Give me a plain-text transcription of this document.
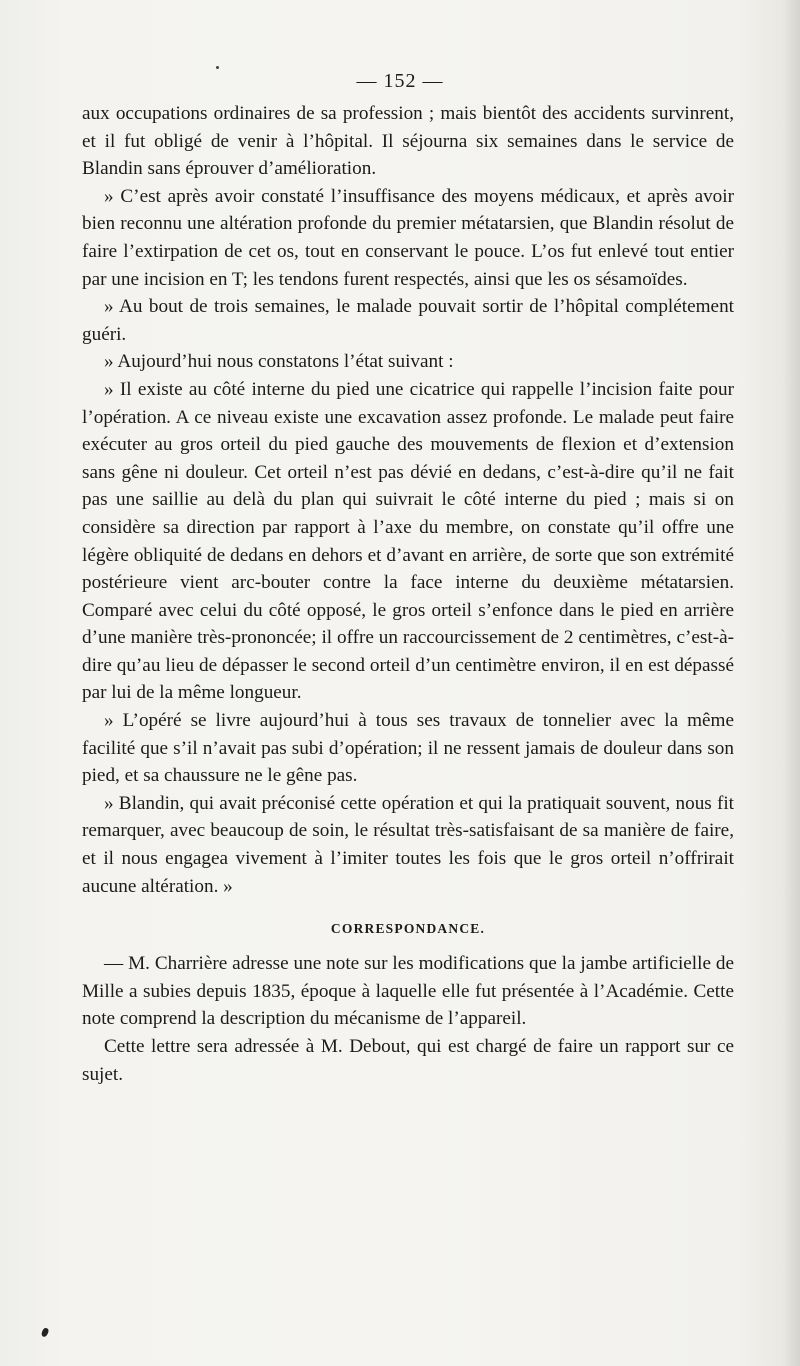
— 152 —

aux occupations ordinaires de sa profession ; mais bientôt des accidents survinrent, et il fut obligé de venir à l’hôpital. Il séjourna six semaines dans le service de Blandin sans éprouver d’amélioration.

» C’est après avoir constaté l’insuffisance des moyens médicaux, et après avoir bien reconnu une altération profonde du premier métatarsien, que Blandin résolut de faire l’extirpation de cet os, tout en conservant le pouce. L’os fut enlevé tout entier par une incision en T; les tendons furent respectés, ainsi que les os sésamoïdes.

» Au bout de trois semaines, le malade pouvait sortir de l’hôpital complétement guéri.

» Aujourd’hui nous constatons l’état suivant :

» Il existe au côté interne du pied une cicatrice qui rappelle l’incision faite pour l’opération. A ce niveau existe une excavation assez profonde. Le malade peut faire exécuter au gros orteil du pied gauche des mouvements de flexion et d’extension sans gêne ni douleur. Cet orteil n’est pas dévié en dedans, c’est-à-dire qu’il ne fait pas une saillie au delà du plan qui suivrait le côté interne du pied ; mais si on considère sa direction par rapport à l’axe du membre, on constate qu’il offre une légère obliquité de dedans en dehors et d’avant en arrière, de sorte que son extrémité postérieure vient arc-bouter contre la face interne du deuxième métatarsien. Comparé avec celui du côté opposé, le gros orteil s’enfonce dans le pied en arrière d’une manière très-prononcée; il offre un raccourcissement de 2 centimètres, c’est-à-dire qu’au lieu de dépasser le second orteil d’un centimètre environ, il en est dépassé par lui de la même longueur.

» L’opéré se livre aujourd’hui à tous ses travaux de tonnelier avec la même facilité que s’il n’avait pas subi d’opération; il ne ressent jamais de douleur dans son pied, et sa chaussure ne le gêne pas.

» Blandin, qui avait préconisé cette opération et qui la pratiquait souvent, nous fit remarquer, avec beaucoup de soin, le résultat très-satisfaisant de sa manière de faire, et il nous engagea vivement à l’imiter toutes les fois que le gros orteil n’offrirait aucune altération. »

CORRESPONDANCE.

— M. Charrière adresse une note sur les modifications que la jambe artificielle de Mille a subies depuis 1835, époque à laquelle elle fut présentée à l’Académie. Cette note comprend la description du mécanisme de l’appareil.

Cette lettre sera adressée à M. Debout, qui est chargé de faire un rapport sur ce sujet.
